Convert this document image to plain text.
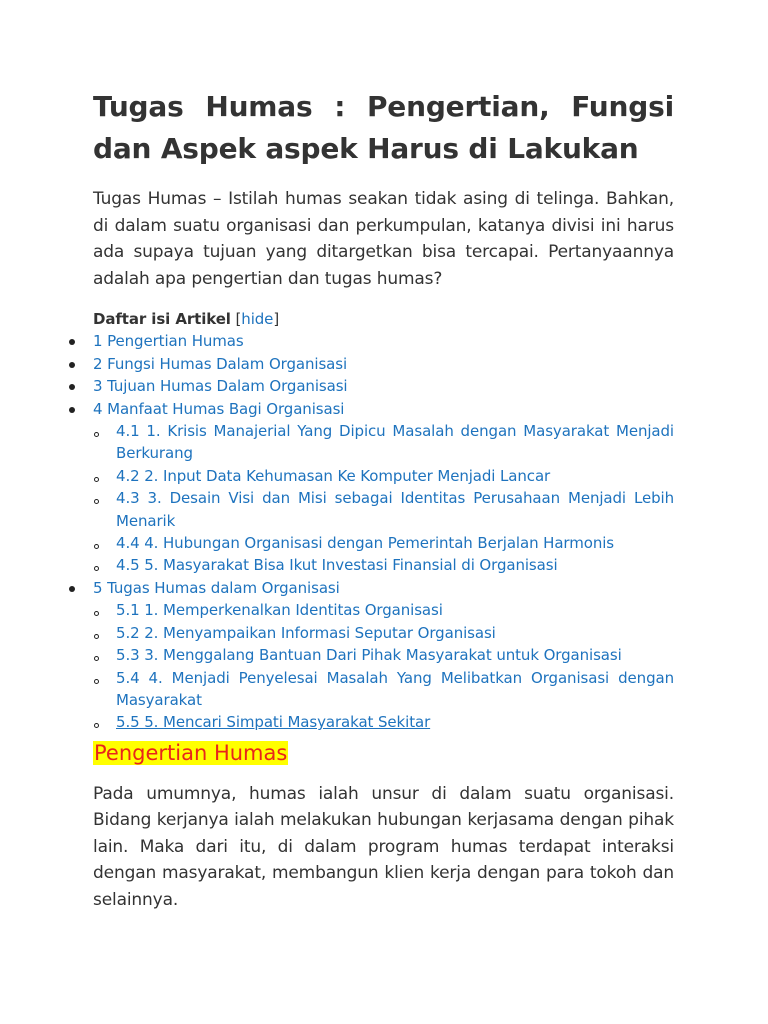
Tugas Humas : Pengertian, Fungsi dan Aspek aspek Harus di Lakukan

Tugas Humas – Istilah humas seakan tidak asing di telinga. Bahkan, di dalam suatu organisasi dan perkumpulan, katanya divisi ini harus ada supaya tujuan yang ditargetkan bisa tercapai. Pertanyaannya adalah apa pengertian dan tugas humas?

Daftar isi Artikel [hide]
1 Pengertian Humas
2 Fungsi Humas Dalam Organisasi
3 Tujuan Humas Dalam Organisasi
4 Manfaat Humas Bagi Organisasi
4.1 1. Krisis Manajerial Yang Dipicu Masalah dengan Masyarakat Menjadi Berkurang
4.2 2. Input Data Kehumasan Ke Komputer Menjadi Lancar
4.3 3. Desain Visi dan Misi sebagai Identitas Perusahaan Menjadi Lebih Menarik
4.4 4. Hubungan Organisasi dengan Pemerintah Berjalan Harmonis
4.5 5. Masyarakat Bisa Ikut Investasi Finansial di Organisasi
5 Tugas Humas dalam Organisasi
5.1 1. Memperkenalkan Identitas Organisasi
5.2 2. Menyampaikan Informasi Seputar Organisasi
5.3 3. Menggalang Bantuan Dari Pihak Masyarakat untuk Organisasi
5.4 4. Menjadi Penyelesai Masalah Yang Melibatkan Organisasi dengan Masyarakat
5.5 5. Mencari Simpati Masyarakat Sekitar
Pengertian Humas

Pada umumnya, humas ialah unsur di dalam suatu organisasi. Bidang kerjanya ialah melakukan hubungan kerjasama dengan pihak lain. Maka dari itu, di dalam program humas terdapat interaksi dengan masyarakat, membangun klien kerja dengan para tokoh dan selainnya.
